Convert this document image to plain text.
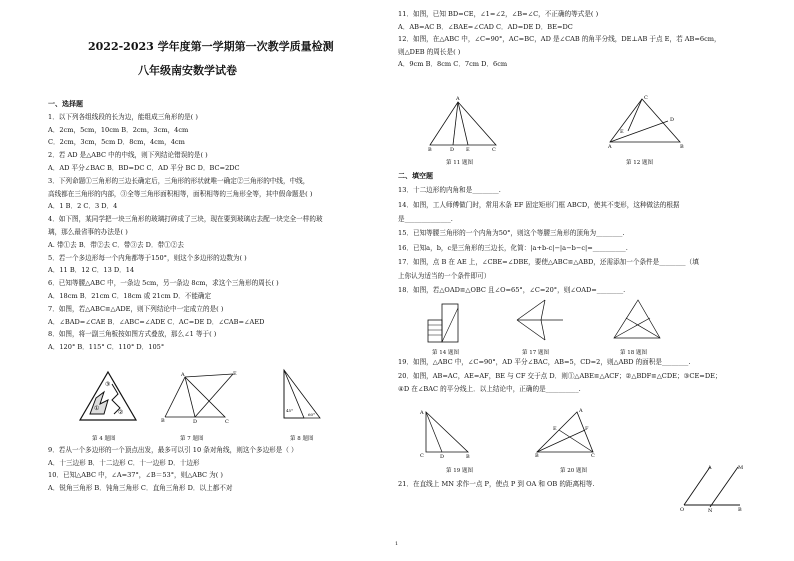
2022-2023 学年度第一学期第一次教学质量检测
八年级南安数学试卷
一、选择题
1．以下列各组线段的长为边，能组成三角形的是( )
A．2cm，5cm，10cm B．2cm，3cm，4cm
C．2cm，3cm，5cm D．8cm，4cm，4cm
2．若 AD 是△ABC 中的中线，则下列结论错误的是( )
A．AD 平分∠BAC B．BD=DC C．AD 平分 BC D．BC=2DC
3．下列命题①三角形的三边长确定后，三角形的形状就唯一确定②三角形的中线，中线，
高线都在三角形的内部，③全等三角形面积相等，面积相等的三角形全等，其中假命题是( )
A．1 B．2 C．3 D．4
4．如下图，某同学把一块三角形的玻璃打碎成了三块，现在要到玻璃店去配一块完全一样的玻
璃，那么最省事的办法是( )
A. 带①去 B．带②去 C．带③去 D．带①②去
5．若一个多边形每一个内角都等于150°，则这个多边形的边数为( )
A．11 B．12 C．13 D．14
6．已知等腰△ABC 中，一条边 5cm，另一条边 8cm，求这个三角形的周长( )
A．18cm B．21cm C．18cm 或 21cm D．不能确定
7．如图，若△ABC≌△ADE，则下列结论中一定成立的是( )
A．∠BAD=∠CAE B．∠ABC=∠ADE C．AC=DE D．∠CAB=∠AED
8．如图，将一副三角板按如图方式叠放，那么∠1 等于( )
A．120° B．115° C．110° D．105°
9．若从一个多边形的一个顶点出发，最多可以引 10 条对角线，则这个多边形是（ ）
A．十三边形 B．十二边形 C．十一边形 D．十边形
10．已知△ABC 中，∠A=37°，∠B＝53°，则△ABC 为( )
A．锐角三角形 B．钝角三角形 C．直角三角形 D．以上都不对
11．如图，已知 BD=CE，∠1=∠2，∠B=∠C，不正确的等式是( )
A．AB=AC B．∠BAE=∠CAD C．AD=DE D．BE=DC
12．如图，在△ABC 中，∠C=90°，AC=BC，AD 是∠CAB 的角平分线，DE⊥AB 于点 E，若 AB=6cm，
则△DEB 的周长是( )
A．9cm B．8cm C．7cm D．6cm
二、填空题
13．十二边形的内角和是________.
14．如图，工人师傅做门时，常用木条 EF 固定矩形门框 ABCD，使其不变形，这种做法的根据
是______________.
15．已知等腰三角形的一个内角为50°，则这个等腰三角形的顶角为________.
16．已知a，b，c是三角形的三边长，化简：|a+b-c|−|a−b−c|=__________.
17．如图，点 B 在 AE 上，∠CBE=∠DBE，要使△ABC≌△ABD，还需添加一个条件是________（填
上你认为适当的一个条件即可）
18．如图，若△OAD≌△OBC 且∠O=65°，∠C=20°，则∠OAD=________.
19．如图，△ABC 中，∠C=90°，AD 平分∠BAC，AB=5，CD=2，则△ABD 的面积是________.
20．如图，AB=AC，AE=AF，BE 与 CF 交于点 D．则①△ABE≌△ACF；②△BDF≌△CDE；③CE=DE；
④D 在∠BAC 的平分线上．以上结论中，正确的是__________.
21．在直线上 MN 求作一点 P，使点 P 到 OA 和 OB 的距离相等.
③
①
②
第 4 题图
A	E
B	D	C
第 7 题图
45°
60°
第 8 题图
A
B	D E	C
第 11 题图
C
D
E
A	B
第 12 题图
第 14 题图	第 17 题图	第 18 题图
A
C	D	B
第 19 题图
A
E	F
B	C
第 20 题图	A	M
O	N	B
1
